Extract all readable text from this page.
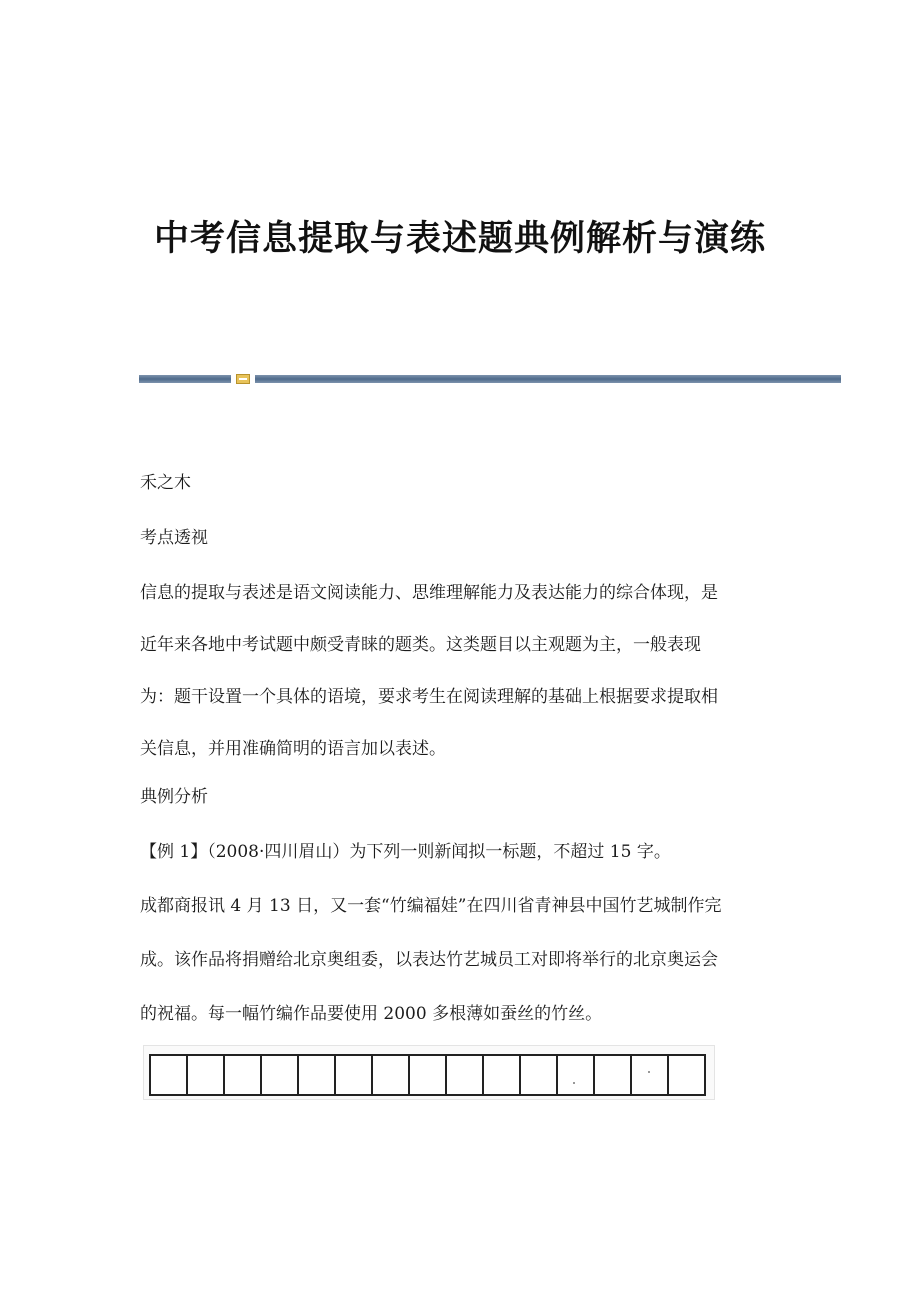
中考信息提取与表述题典例解析与演练
禾之木
考点透视
信息的提取与表述是语文阅读能力、思维理解能力及表达能力的综合体现，是
近年来各地中考试题中颇受青睐的题类。这类题目以主观题为主，一般表现
为：题干设置一个具体的语境，要求考生在阅读理解的基础上根据要求提取相
关信息，并用准确简明的语言加以表述。
典例分析
【例 1】（2008·四川眉山）为下列一则新闻拟一标题，不超过 15 字。
成都商报讯 4 月 13 日，又一套“竹编福娃”在四川省青神县中国竹艺城制作完
成。该作品将捐赠给北京奥组委，以表达竹艺城员工对即将举行的北京奥运会
的祝福。每一幅竹编作品要使用 2000 多根薄如蚕丝的竹丝。
